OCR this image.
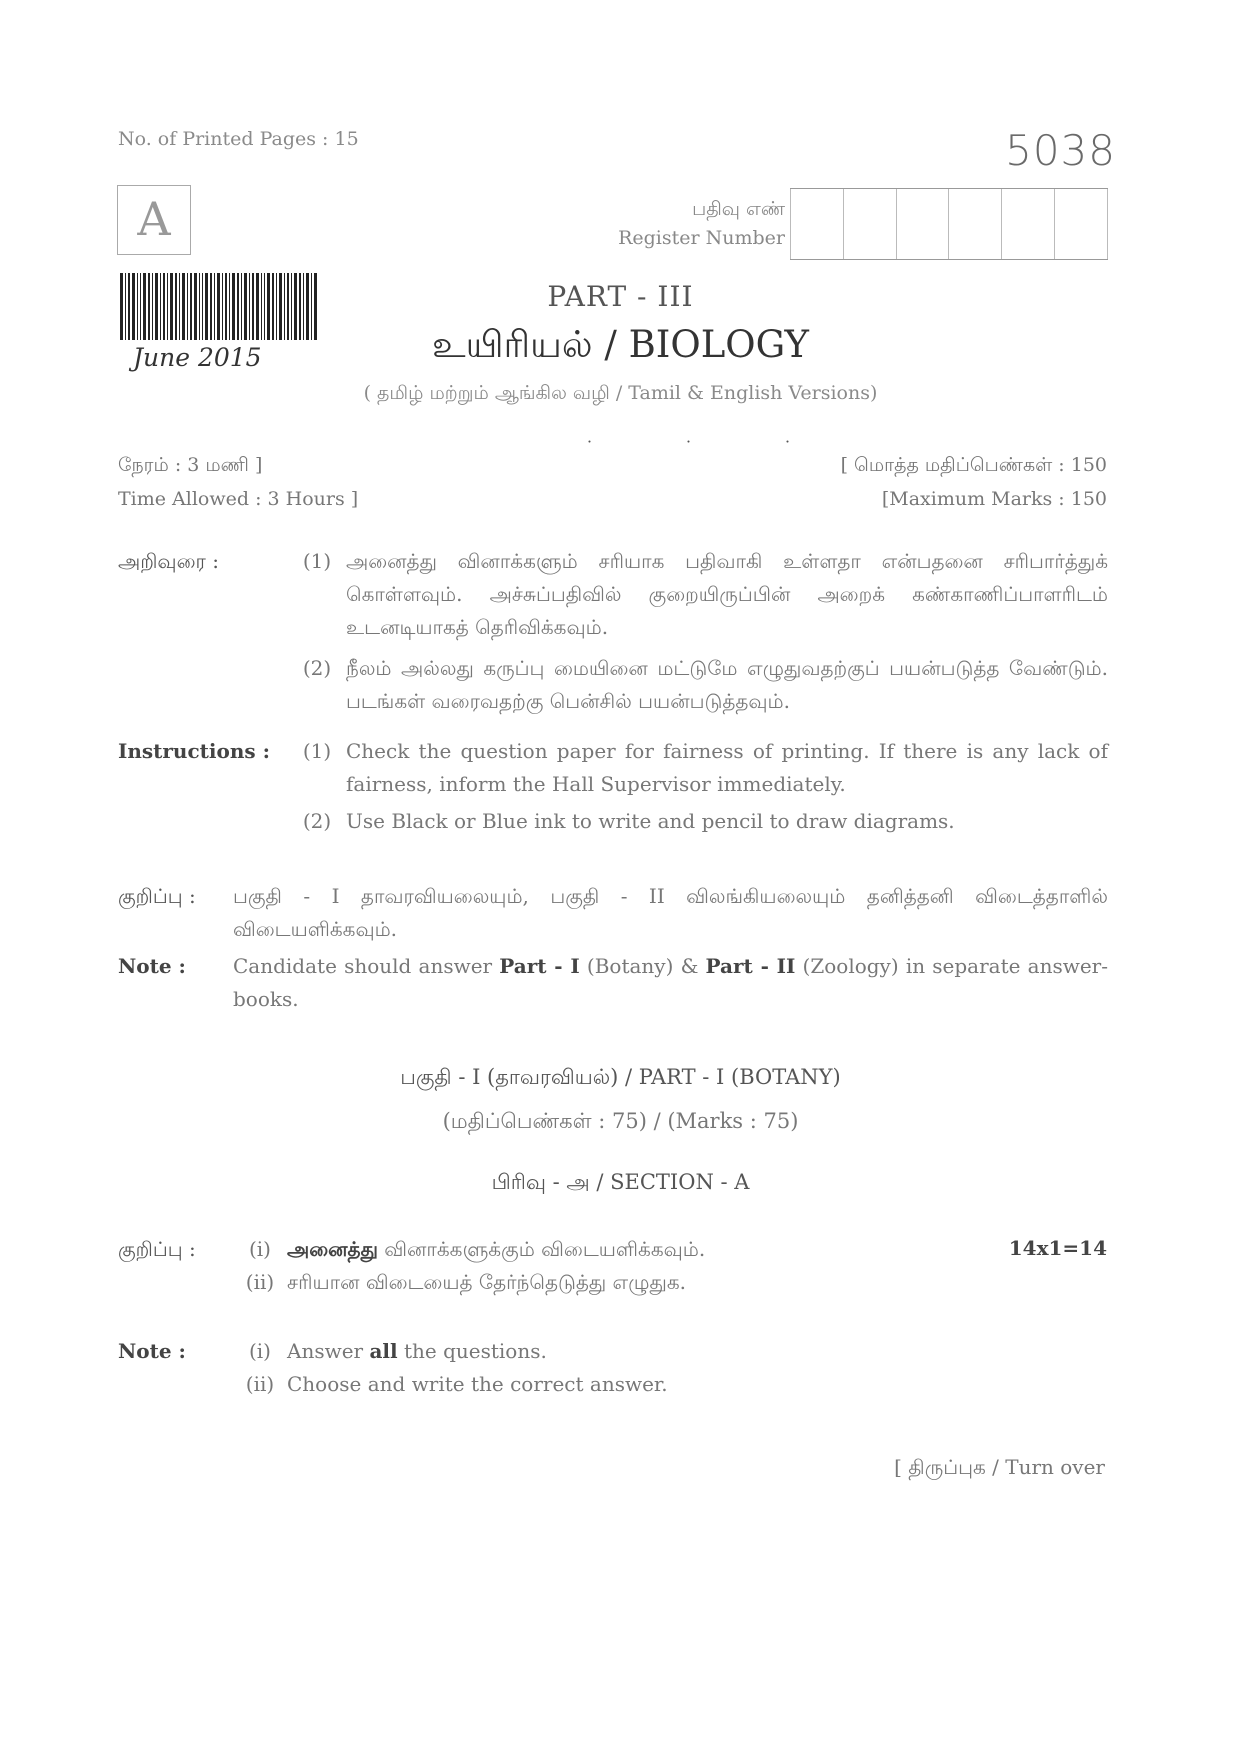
No. of Printed Pages : 15	5038
A	பதிவு எண்
Register Number
June 2015
PART - III
உயிரியல் / BIOLOGY
( தமிழ் மற்றும் ஆங்கில வழி / Tamil & English Versions)
நேரம் : 3 மணி ]
Time Allowed : 3 Hours ]
˙˙˙
[ மொத்த மதிப்பெண்கள் : 150
[Maximum Marks : 150
அறிவுரை :	(1) அனைத்து வினாக்களும் சரியாக பதிவாகி உள்ளதா என்பதனை சரிபார்த்துக் கொள்ளவும். அச்சுப்பதிவில் குறையிருப்பின் அறைக் கண்காணிப்பாளரிடம் உடனடியாகத் தெரிவிக்கவும்.
(2) நீலம் அல்லது கருப்பு மையினை மட்டுமே எழுதுவதற்குப் பயன்படுத்த வேண்டும். படங்கள் வரைவதற்கு பென்சில் பயன்படுத்தவும்.
Instructions :	(1) Check the question paper for fairness of printing. If there is any lack of fairness, inform the Hall Supervisor immediately.
(2) Use Black or Blue ink to write and pencil to draw diagrams.
குறிப்பு :	பகுதி - I தாவரவியலையும், பகுதி - II விலங்கியலையும் தனித்தனி விடைத்தாளில் விடையளிக்கவும்.
Note :	Candidate should answer Part - I (Botany) & Part - II (Zoology) in separate answer-books.
பகுதி - I (தாவரவியல்) / PART - I (BOTANY)
(மதிப்பெண்கள் : 75) / (Marks : 75)
பிரிவு - அ / SECTION - A
குறிப்பு :	(i) அனைத்து வினாக்களுக்கும் விடையளிக்கவும்.
(ii) சரியான விடையைத் தேர்ந்தெடுத்து எழுதுக.
14x1=14
Note :	(i) Answer all the questions.
(ii) Choose and write the correct answer.
[ திருப்புக / Turn over
